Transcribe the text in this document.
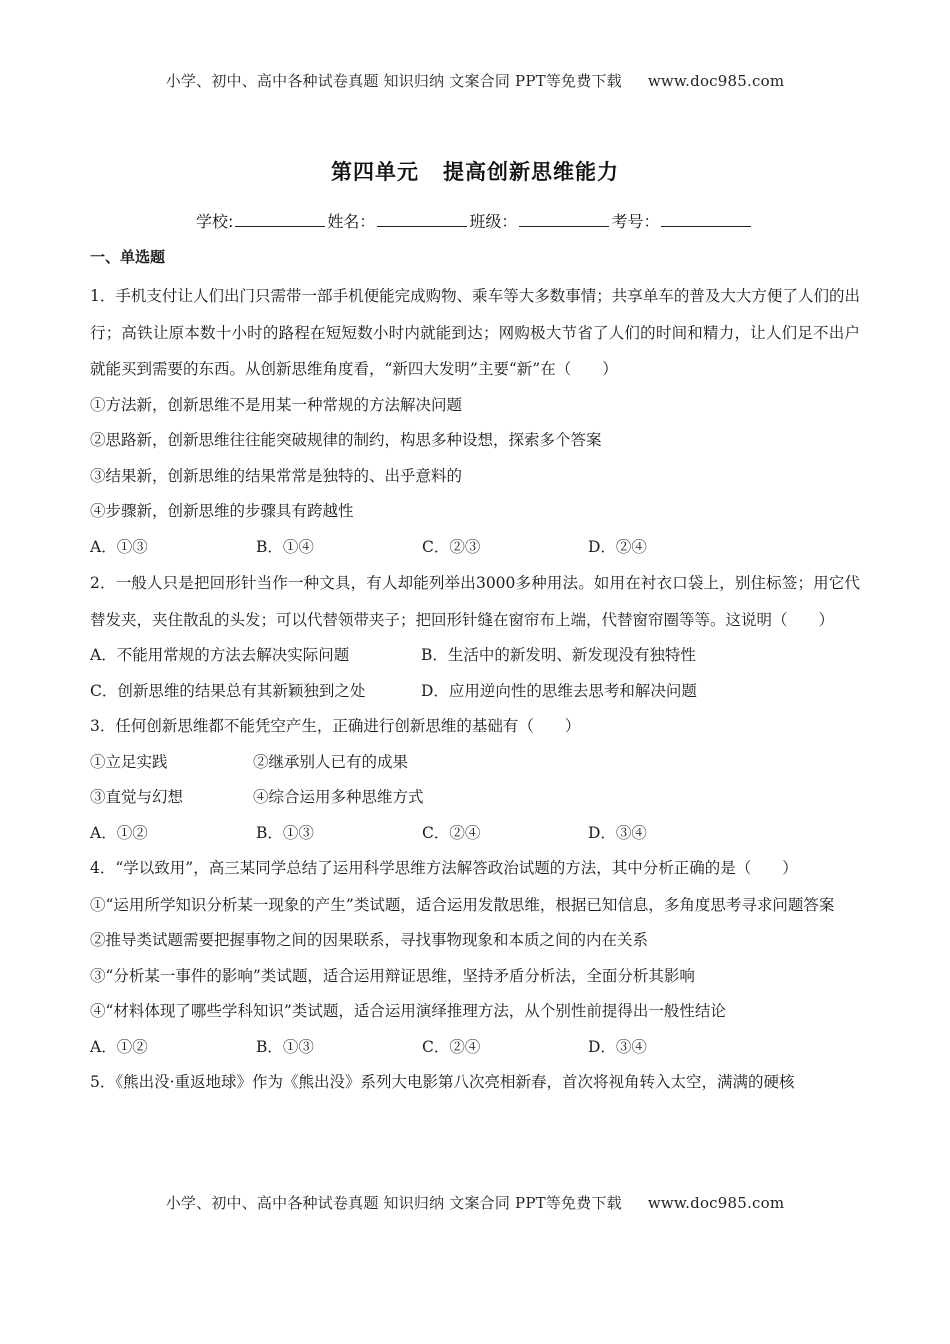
小学、初中、高中各种试卷真题 知识归纳 文案合同 PPT等免费下载 www.doc985.com
第四单元 提高创新思维能力
学校:	姓名：	班级：	考号：
一、单选题
1．手机支付让人们出门只需带一部手机便能完成购物、乘车等大多数事情；共享单车的普及大大方便了人们的出行；高铁让原本数十小时的路程在短短数小时内就能到达；网购极大节省了人们的时间和精力，让人们足不出户就能买到需要的东西。从创新思维角度看，“新四大发明”主要“新”在（　　）
①方法新，创新思维不是用某一种常规的方法解决问题
②思路新，创新思维往往能突破规律的制约，构思多种设想，探索多个答案
③结果新，创新思维的结果常常是独特的、出乎意料的
④步骤新，创新思维的步骤具有跨越性
A．①③	B．①④	C．②③	D．②④
2．一般人只是把回形针当作一种文具，有人却能列举出3000多种用法。如用在衬衣口袋上，别住标签；用它代替发夹，夹住散乱的头发；可以代替领带夹子；把回形针缝在窗帘布上端，代替窗帘圈等等。这说明（　　）
A．不能用常规的方法去解决实际问题	B．生活中的新发明、新发现没有独特性
C．创新思维的结果总有其新颖独到之处	D．应用逆向性的思维去思考和解决问题
3．任何创新思维都不能凭空产生，正确进行创新思维的基础有（　　）
①立足实践	②继承别人已有的成果
③直觉与幻想	④综合运用多种思维方式
A．①②	B．①③	C．②④	D．③④
4．“学以致用”，高三某同学总结了运用科学思维方法解答政治试题的方法，其中分析正确的是（　　）
①“运用所学知识分析某一现象的产生”类试题，适合运用发散思维，根据已知信息，多角度思考寻求问题答案
②推导类试题需要把握事物之间的因果联系，寻找事物现象和本质之间的内在关系
③“分析某一事件的影响”类试题，适合运用辩证思维，坚持矛盾分析法，全面分析其影响
④“材料体现了哪些学科知识”类试题，适合运用演绎推理方法，从个别性前提得出一般性结论
A．①②	B．①③	C．②④	D．③④
5．《熊出没·重返地球》作为《熊出没》系列大电影第八次亮相新春，首次将视角转入太空，满满的硬核
小学、初中、高中各种试卷真题 知识归纳 文案合同 PPT等免费下载 www.doc985.com
